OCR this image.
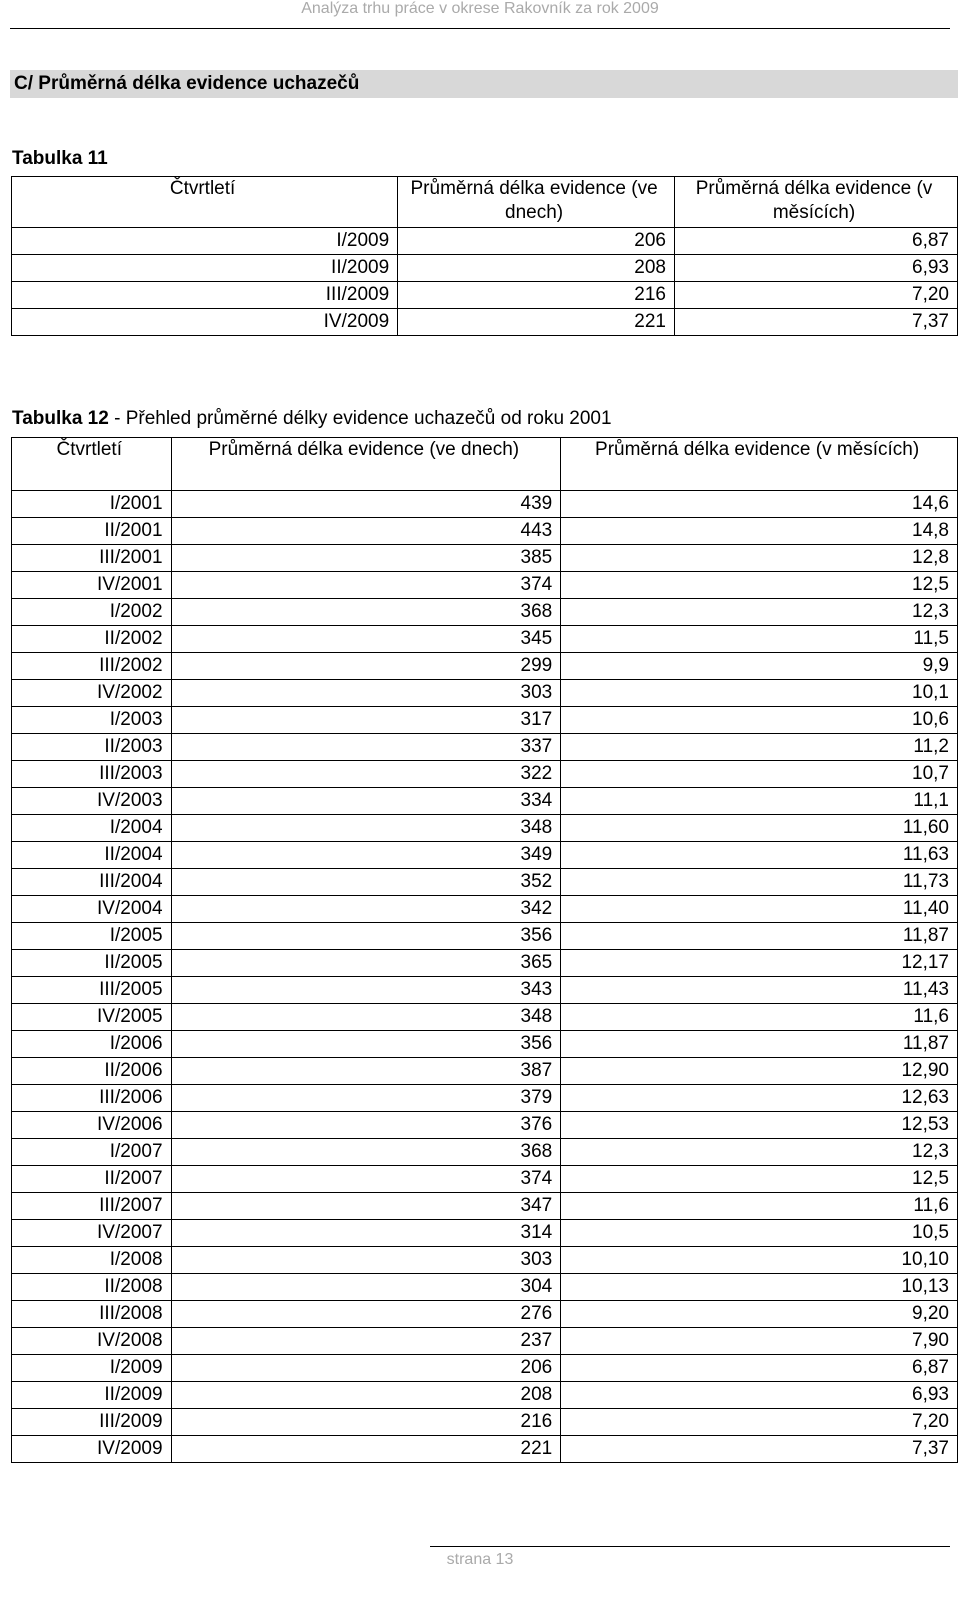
Analýza trhu práce v okrese Rakovník za rok 2009
C/ Průměrná délka evidence uchazečů
Tabulka 11
Čtvrtletí	Průměrná délka evidence (ve dnech)	Průměrná délka evidence (v měsících)
I/2009	206	6,87
II/2009	208	6,93
III/2009	216	7,20
IV/2009	221	7,37
Tabulka 12 - Přehled průměrné délky evidence uchazečů od roku 2001
Čtvrtletí	Průměrná délka evidence (ve dnech)	Průměrná délka evidence (v měsících)
I/2001	439	14,6
II/2001	443	14,8
III/2001	385	12,8
IV/2001	374	12,5
I/2002	368	12,3
II/2002	345	11,5
III/2002	299	9,9
IV/2002	303	10,1
I/2003	317	10,6
II/2003	337	11,2
III/2003	322	10,7
IV/2003	334	11,1
I/2004	348	11,60
II/2004	349	11,63
III/2004	352	11,73
IV/2004	342	11,40
I/2005	356	11,87
II/2005	365	12,17
III/2005	343	11,43
IV/2005	348	11,6
I/2006	356	11,87
II/2006	387	12,90
III/2006	379	12,63
IV/2006	376	12,53
I/2007	368	12,3
II/2007	374	12,5
III/2007	347	11,6
IV/2007	314	10,5
I/2008	303	10,10
II/2008	304	10,13
III/2008	276	9,20
IV/2008	237	7,90
I/2009	206	6,87
II/2009	208	6,93
III/2009	216	7,20
IV/2009	221	7,37
strana 13
